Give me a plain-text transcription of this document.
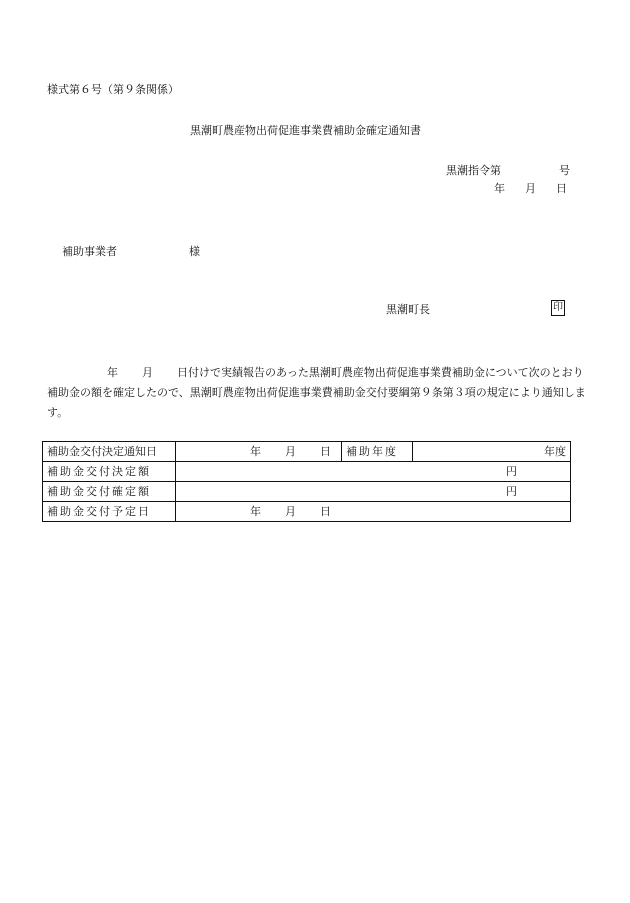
様式第６号（第９条関係）
黒潮町農産物出荷促進事業費補助金確定通知書
黒潮指令第	号
年 月 日
補助事業者	様
黒潮町長	印
年 月 日付けで実績報告のあった黒潮町農産物出荷促進事業費補助金について次のとおり補助金の額を確定したので、黒潮町農産物出荷促進事業費補助金交付要綱第９条第３項の規定により通知します。
補助金交付決定通知日	年 月 日	補助年度	年度
補助金交付決定額	円		
補助金交付確定額	円		
補助金交付予定日	年 月 日		
